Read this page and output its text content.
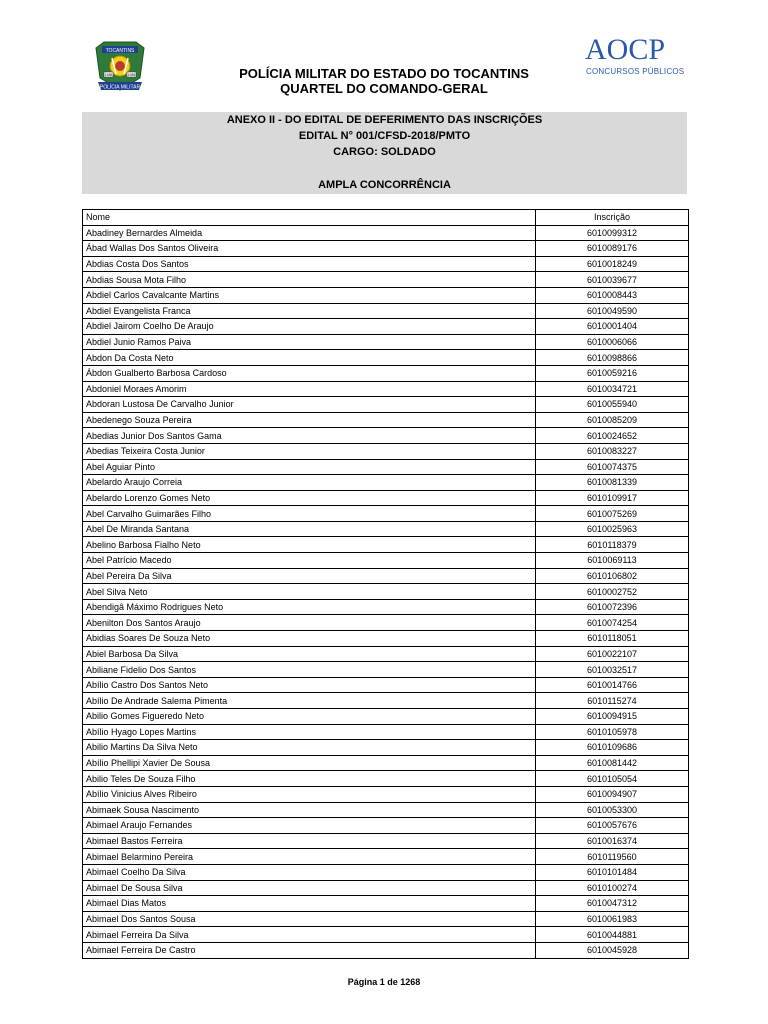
TOCANTINS
1988	1989
POLÍCIA MILITAR
AOCP
CONCURSOS PÚBLICOS
POLÍCIA MILITAR DO ESTADO DO TOCANTINS
QUARTEL DO COMANDO-GERAL
ANEXO II - DO EDITAL DE DEFERIMENTO DAS INSCRIÇÕES
EDITAL N° 001/CFSD-2018/PMTO
CARGO: SOLDADO
AMPLA CONCORRÊNCIA
Nome	Inscrição
Abadiney Bernardes Almeida	6010099312
Ábad Wallas Dos Santos Oliveira	6010089176
Abdias Costa Dos Santos	6010018249
Abdias Sousa Mota Filho	6010039677
Abdiel Carlos Cavalcante Martins	6010008443
Abdiel Evangelista Franca	6010049590
Abdiel Jairom Coelho De Araujo	6010001404
Abdiel Junio Ramos Paiva	6010006066
Abdon Da Costa Neto	6010098866
Ábdon Gualberto Barbosa Cardoso	6010059216
Abdoniel Moraes Amorim	6010034721
Abdoran Lustosa De Carvalho Junior	6010055940
Abedenego Souza Pereira	6010085209
Abedias Junior Dos Santos Gama	6010024652
Abedias Teixeira Costa Junior	6010083227
Abel Aguiar Pinto	6010074375
Abelardo Araujo Correia	6010081339
Abelardo Lorenzo Gomes Neto	6010109917
Abel Carvalho Guimarães Filho	6010075269
Abel De Miranda Santana	6010025963
Abelino Barbosa Fialho Neto	6010118379
Abel Patrício Macedo	6010069113
Abel Pereira Da Silva	6010106802
Abel Silva Neto	6010002752
Abendigâ Máximo Rodrigues Neto	6010072396
Abenilton Dos Santos Araujo	6010074254
Abidias Soares De Souza Neto	6010118051
Abiel Barbosa Da Silva	6010022107
Abiliane Fidelio Dos Santos	6010032517
Abílio Castro Dos Santos Neto	6010014766
Abílio De Andrade Salema Pimenta	6010115274
Abilio Gomes Figueredo Neto	6010094915
Abílio Hyago Lopes Martins	6010105978
Abilio Martins Da Silva Neto	6010109686
Abílio Phellipi Xavier De Sousa	6010081442
Abilio Teles De Souza Filho	6010105054
Abílio Vinicius Alves Ribeiro	6010094907
Abimaek Sousa Nascimento	6010053300
Abimael Araujo Fernandes	6010057676
Abimael Bastos Ferreira	6010016374
Abimael Belarmino Pereira	6010119560
Abimael Coelho Da Silva	6010101484
Abimael De Sousa Silva	6010100274
Abimael Dias Matos	6010047312
Abimael Dos Santos Sousa	6010061983
Abimael Ferreira Da Silva	6010044881
Abimael Ferreira De Castro	6010045928
Página 1 de 1268
